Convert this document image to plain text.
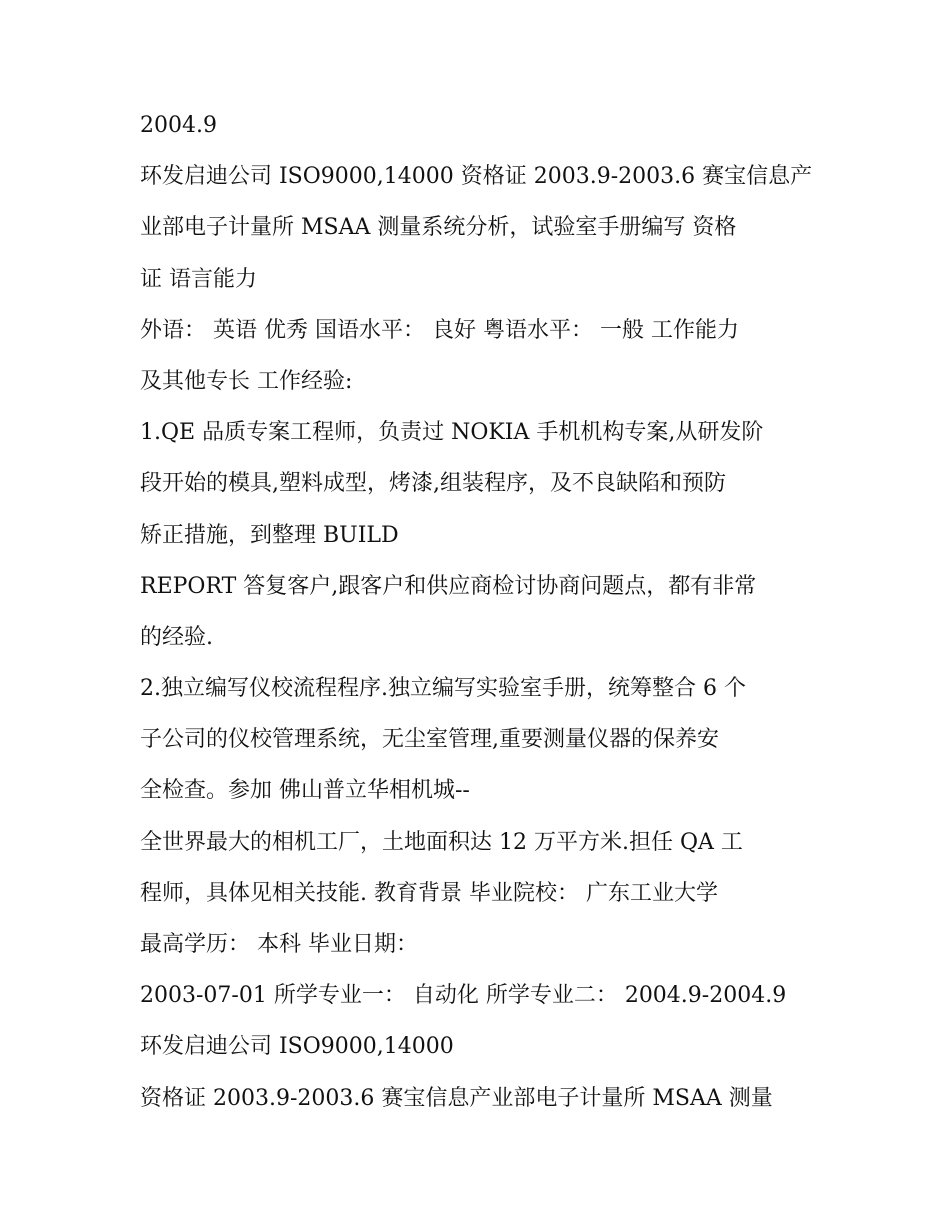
2004.9
环发启迪公司 ISO9000,14000 资格证 2003.9-2003.6 赛宝信息产
业部电子计量所 MSAA 测量系统分析，试验室手册编写 资格
证 语言能力
外语： 英语 优秀 国语水平： 良好 粤语水平： 一般 工作能力
及其他专长 工作经验:
1.QE 品质专案工程师，负责过 NOKIA 手机机构专案,从研发阶
段开始的模具,塑料成型，烤漆,组装程序，及不良缺陷和预防
矫正措施，到整理 BUILD
REPORT 答复客户,跟客户和供应商检讨协商问题点，都有非常
的经验.
2.独立编写仪校流程程序.独立编写实验室手册，统筹整合 6 个
子公司的仪校管理系统，无尘室管理,重要测量仪器的保养安
全检查。参加 佛山普立华相机城--
全世界最大的相机工厂，土地面积达 12 万平方米.担任 QA 工
程师，具体见相关技能. 教育背景 毕业院校： 广东工业大学
最高学历： 本科 毕业日期：
2003-07-01 所学专业一： 自动化 所学专业二： 2004.9-2004.9
环发启迪公司 ISO9000,14000
资格证 2003.9-2003.6 赛宝信息产业部电子计量所 MSAA 测量
